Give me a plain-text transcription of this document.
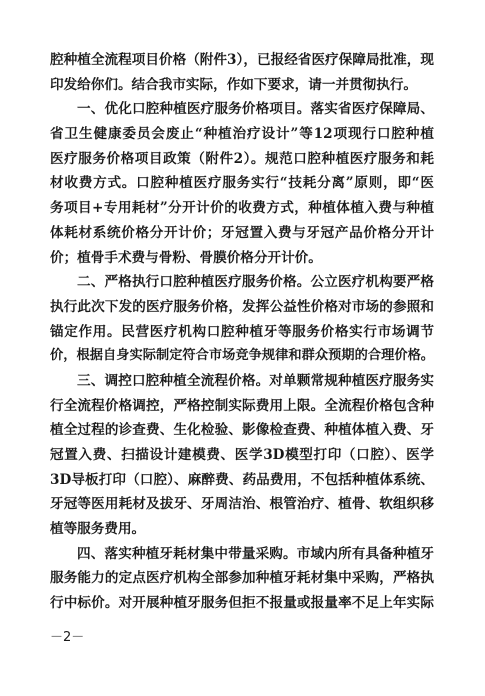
腔种植全流程项目价格（附件3），已报经省医疗保障局批准，现
印发给你们。结合我市实际，作如下要求，请一并贯彻执行。
一、优化口腔种植医疗服务价格项目。落实省医疗保障局、
省卫生健康委员会废止“种植治疗设计”等12项现行口腔种植
医疗服务价格项目政策（附件2）。规范口腔种植医疗服务和耗
材收费方式。口腔种植医疗服务实行“技耗分离”原则，即“医
务项目+专用耗材”分开计价的收费方式，种植体植入费与种植
体耗材系统价格分开计价；牙冠置入费与牙冠产品价格分开计
价；植骨手术费与骨粉、骨膜价格分开计价。
二、严格执行口腔种植医疗服务价格。公立医疗机构要严格
执行此次下发的医疗服务价格，发挥公益性价格对市场的参照和
锚定作用。民营医疗机构口腔种植牙等服务价格实行市场调节
价，根据自身实际制定符合市场竞争规律和群众预期的合理价格。
三、调控口腔种植全流程价格。对单颗常规种植医疗服务实
行全流程价格调控，严格控制实际费用上限。全流程价格包含种
植全过程的诊查费、生化检验、影像检查费、种植体植入费、牙
冠置入费、扫描设计建模费、医学3D模型打印（口腔）、医学
3D导板打印（口腔）、麻醉费、药品费用，不包括种植体系统、
牙冠等医用耗材及拔牙、牙周洁治、根管治疗、植骨、软组织移
植等服务费用。
四、落实种植牙耗材集中带量采购。市域内所有具备种植牙
服务能力的定点医疗机构全部参加种植牙耗材集中采购，严格执
行中标价。对开展种植牙服务但拒不报量或报量率不足上年实际
－2－
